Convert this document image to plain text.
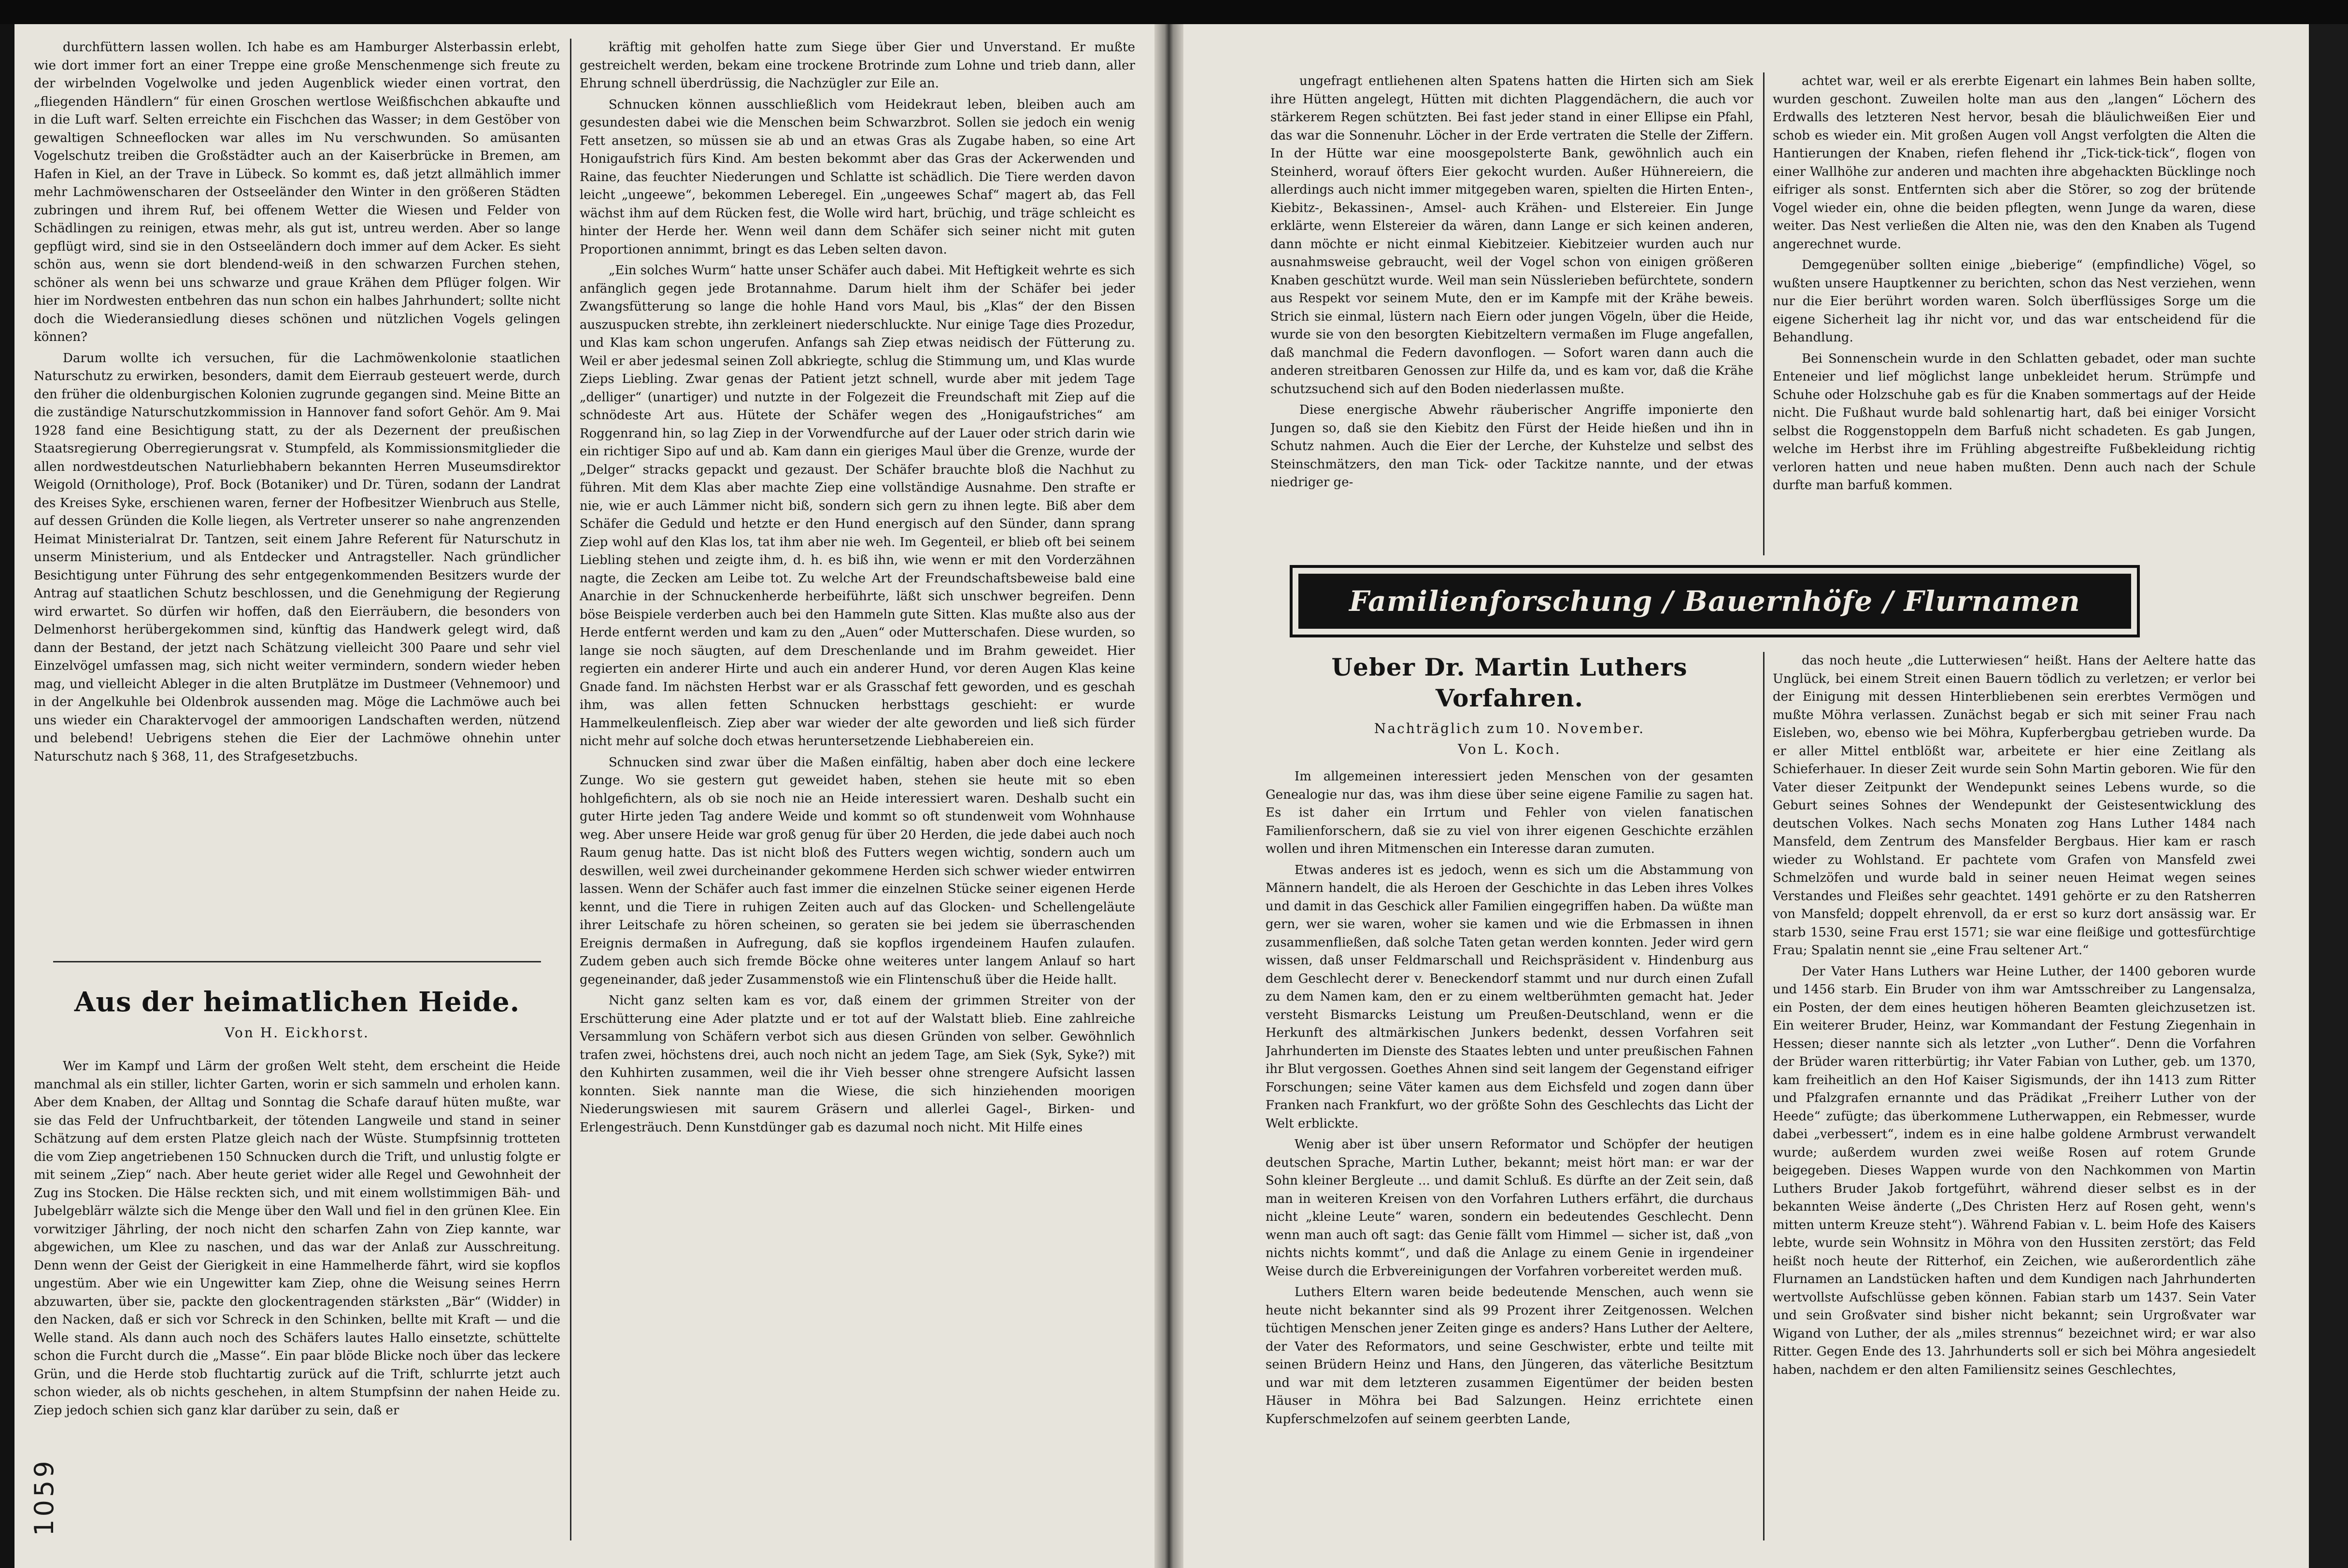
durchfüttern lassen wollen. Ich habe es am Hamburger Alsterbassin erlebt, wie dort immer fort an einer Treppe eine große Menschenmenge sich freute zu der wirbelnden Vogelwolke und jeden Augenblick wieder einen vortrat, den „fliegenden Händlern“ für einen Groschen wertlose Weißfischchen abkaufte und in die Luft warf. Selten erreichte ein Fischchen das Wasser; in dem Gestöber von gewaltigen Schneeflocken war alles im Nu verschwunden. So amüsanten Vogelschutz treiben die Großstädter auch an der Kaiserbrücke in Bremen, am Hafen in Kiel, an der Trave in Lübeck. So kommt es, daß jetzt allmählich immer mehr Lachmöwenscharen der Ostseeländer den Winter in den größeren Städten zubringen und ihrem Ruf, bei offenem Wetter die Wiesen und Felder von Schädlingen zu reinigen, etwas mehr, als gut ist, untreu werden. Aber so lange gepflügt wird, sind sie in den Ostseeländern doch immer auf dem Acker. Es sieht schön aus, wenn sie dort blendend-weiß in den schwarzen Furchen stehen, schöner als wenn bei uns schwarze und graue Krähen dem Pflüger folgen. Wir hier im Nordwesten entbehren das nun schon ein halbes Jahrhundert; sollte nicht doch die Wiederansiedlung dieses schönen und nützlichen Vogels gelingen können?

Darum wollte ich versuchen, für die Lachmöwenkolonie staatlichen Naturschutz zu erwirken, besonders, damit dem Eierraub gesteuert werde, durch den früher die oldenburgischen Kolonien zugrunde gegangen sind. Meine Bitte an die zuständige Naturschutzkommission in Hannover fand sofort Gehör. Am 9. Mai 1928 fand eine Besichtigung statt, zu der als Dezernent der preußischen Staatsregierung Oberregierungsrat v. Stumpfeld, als Kommissionsmitglieder die allen nordwestdeutschen Naturliebhabern bekannten Herren Museumsdirektor Weigold (Ornithologe), Prof. Bock (Botaniker) und Dr. Türen, sodann der Landrat des Kreises Syke, erschienen waren, ferner der Hofbesitzer Wienbruch aus Stelle, auf dessen Gründen die Kolle liegen, als Vertreter unserer so nahe angrenzenden Heimat Ministerialrat Dr. Tantzen, seit einem Jahre Referent für Naturschutz in unserm Ministerium, und als Entdecker und Antragsteller. Nach gründlicher Besichtigung unter Führung des sehr entgegenkommenden Besitzers wurde der Antrag auf staatlichen Schutz beschlossen, und die Genehmigung der Regierung wird erwartet. So dürfen wir hoffen, daß den Eierräubern, die besonders von Delmenhorst herübergekommen sind, künftig das Handwerk gelegt wird, daß dann der Bestand, der jetzt nach Schätzung vielleicht 300 Paare und sehr viel Einzelvögel umfassen mag, sich nicht weiter vermindern, sondern wieder heben mag, und vielleicht Ableger in die alten Brutplätze im Dustmeer (Vehnemoor) und in der Angelkuhle bei Oldenbrok aussenden mag. Möge die Lachmöwe auch bei uns wieder ein Charaktervogel der ammoorigen Landschaften werden, nützend und belebend! Uebrigens stehen die Eier der Lachmöwe ohnehin unter Naturschutz nach § 368, 11, des Strafgesetzbuchs.

Aus der heimatlichen Heide.

Von H. Eickhorst.

Wer im Kampf und Lärm der großen Welt steht, dem erscheint die Heide manchmal als ein stiller, lichter Garten, worin er sich sammeln und erholen kann. Aber dem Knaben, der Alltag und Sonntag die Schafe darauf hüten mußte, war sie das Feld der Unfruchtbarkeit, der tötenden Langweile und stand in seiner Schätzung auf dem ersten Platze gleich nach der Wüste. Stumpfsinnig trotteten die vom Ziep angetriebenen 150 Schnucken durch die Trift, und unlustig folgte er mit seinem „Ziep“ nach. Aber heute geriet wider alle Regel und Gewohnheit der Zug ins Stocken. Die Hälse reckten sich, und mit einem wollstimmigen Bäh- und Jubelgeblärr wälzte sich die Menge über den Wall und fiel in den grünen Klee. Ein vorwitziger Jährling, der noch nicht den scharfen Zahn von Ziep kannte, war abgewichen, um Klee zu naschen, und das war der Anlaß zur Ausschreitung. Denn wenn der Geist der Gierigkeit in eine Hammelherde fährt, wird sie kopflos ungestüm. Aber wie ein Ungewitter kam Ziep, ohne die Weisung seines Herrn abzuwarten, über sie, packte den glockentragenden stärksten „Bär“ (Widder) in den Nacken, daß er sich vor Schreck in den Schinken, bellte mit Kraft — und die Welle stand. Als dann auch noch des Schäfers lautes Hallo einsetzte, schüttelte schon die Furcht durch die „Masse“. Ein paar blöde Blicke noch über das leckere Grün, und die Herde stob fluchtartig zurück auf die Trift, schlurrte jetzt auch schon wieder, als ob nichts geschehen, in altem Stumpfsinn der nahen Heide zu. Ziep jedoch schien sich ganz klar darüber zu sein, daß er

kräftig mit geholfen hatte zum Siege über Gier und Unverstand. Er mußte gestreichelt werden, bekam eine trockene Brotrinde zum Lohne und trieb dann, aller Ehrung schnell überdrüssig, die Nachzügler zur Eile an.

Schnucken können ausschließlich vom Heidekraut leben, bleiben auch am gesundesten dabei wie die Menschen beim Schwarzbrot. Sollen sie jedoch ein wenig Fett ansetzen, so müssen sie ab und an etwas Gras als Zugabe haben, so eine Art Honigaufstrich fürs Kind. Am besten bekommt aber das Gras der Ackerwenden und Raine, das feuchter Niederungen und Schlatte ist schädlich. Die Tiere werden davon leicht „ungeewe“, bekommen Leberegel. Ein „ungeewes Schaf“ magert ab, das Fell wächst ihm auf dem Rücken fest, die Wolle wird hart, brüchig, und träge schleicht es hinter der Herde her. Wenn weil dann dem Schäfer sich seiner nicht mit guten Proportionen annimmt, bringt es das Leben selten davon.

„Ein solches Wurm“ hatte unser Schäfer auch dabei. Mit Heftigkeit wehrte es sich anfänglich gegen jede Brotannahme. Darum hielt ihm der Schäfer bei jeder Zwangsfütterung so lange die hohle Hand vors Maul, bis „Klas“ der den Bissen auszuspucken strebte, ihn zerkleinert niederschluckte. Nur einige Tage dies Prozedur, und Klas kam schon ungerufen. Anfangs sah Ziep etwas neidisch der Fütterung zu. Weil er aber jedesmal seinen Zoll abkriegte, schlug die Stimmung um, und Klas wurde Zieps Liebling. Zwar genas der Patient jetzt schnell, wurde aber mit jedem Tage „delliger“ (unartiger) und nutzte in der Folgezeit die Freundschaft mit Ziep auf die schnödeste Art aus. Hütete der Schäfer wegen des „Honigaufstriches“ am Roggenrand hin, so lag Ziep in der Vorwendfurche auf der Lauer oder strich darin wie ein richtiger Sipo auf und ab. Kam dann ein gieriges Maul über die Grenze, wurde der „Delger“ stracks gepackt und gezaust. Der Schäfer brauchte bloß die Nachhut zu führen. Mit dem Klas aber machte Ziep eine vollständige Ausnahme. Den strafte er nie, wie er auch Lämmer nicht biß, sondern sich gern zu ihnen legte. Biß aber dem Schäfer die Geduld und hetzte er den Hund energisch auf den Sünder, dann sprang Ziep wohl auf den Klas los, tat ihm aber nie weh. Im Gegenteil, er blieb oft bei seinem Liebling stehen und zeigte ihm, d. h. es biß ihn, wie wenn er mit den Vorderzähnen nagte, die Zecken am Leibe tot. Zu welche Art der Freundschaftsbeweise bald eine Anarchie in der Schnuckenherde herbeiführte, läßt sich unschwer begreifen. Denn böse Beispiele verderben auch bei den Hammeln gute Sitten. Klas mußte also aus der Herde entfernt werden und kam zu den „Auen“ oder Mutterschafen. Diese wurden, so lange sie noch säugten, auf dem Dreschenlande und im Brahm geweidet. Hier regierten ein anderer Hirte und auch ein anderer Hund, vor deren Augen Klas keine Gnade fand. Im nächsten Herbst war er als Grasschaf fett geworden, und es geschah ihm, was allen fetten Schnucken herbsttags geschieht: er wurde Hammelkeulenfleisch. Ziep aber war wieder der alte geworden und ließ sich fürder nicht mehr auf solche doch etwas heruntersetzende Liebhabereien ein.

Schnucken sind zwar über die Maßen einfältig, haben aber doch eine leckere Zunge. Wo sie gestern gut geweidet haben, stehen sie heute mit so eben hohlgefichtern, als ob sie noch nie an Heide interessiert waren. Deshalb sucht ein guter Hirte jeden Tag andere Weide und kommt so oft stundenweit vom Wohnhause weg. Aber unsere Heide war groß genug für über 20 Herden, die jede dabei auch noch Raum genug hatte. Das ist nicht bloß des Futters wegen wichtig, sondern auch um deswillen, weil zwei durcheinander gekommene Herden sich schwer wieder entwirren lassen. Wenn der Schäfer auch fast immer die einzelnen Stücke seiner eigenen Herde kennt, und die Tiere in ruhigen Zeiten auch auf das Glocken- und Schellengeläute ihrer Leitschafe zu hören scheinen, so geraten sie bei jedem sie überraschenden Ereignis dermaßen in Aufregung, daß sie kopflos irgendeinem Haufen zulaufen. Zudem geben auch sich fremde Böcke ohne weiteres unter langem Anlauf so hart gegeneinander, daß jeder Zusammenstoß wie ein Flintenschuß über die Heide hallt.

Nicht ganz selten kam es vor, daß einem der grimmen Streiter von der Erschütterung eine Ader platzte und er tot auf der Walstatt blieb. Eine zahlreiche Versammlung von Schäfern verbot sich aus diesen Gründen von selber. Gewöhnlich trafen zwei, höchstens drei, auch noch nicht an jedem Tage, am Siek (Syk, Syke?) mit den Kuhhirten zusammen, weil die ihr Vieh besser ohne strengere Aufsicht lassen konnten. Siek nannte man die Wiese, die sich hinziehenden moorigen Niederungswiesen mit saurem Gräsern und allerlei Gagel-, Birken- und Erlengesträuch. Denn Kunstdünger gab es dazumal noch nicht. Mit Hilfe eines

1059

ungefragt entliehenen alten Spatens hatten die Hirten sich am Siek ihre Hütten angelegt, Hütten mit dichten Plaggendächern, die auch vor stärkerem Regen schützten. Bei fast jeder stand in einer Ellipse ein Pfahl, das war die Sonnenuhr. Löcher in der Erde vertraten die Stelle der Ziffern. In der Hütte war eine moosgepolsterte Bank, gewöhnlich auch ein Steinherd, worauf öfters Eier gekocht wurden. Außer Hühnereiern, die allerdings auch nicht immer mitgegeben waren, spielten die Hirten Enten-, Kiebitz-, Bekassinen-, Amsel- auch Krähen- und Elstereier. Ein Junge erklärte, wenn Elstereier da wären, dann Lange er sich keinen anderen, dann möchte er nicht einmal Kiebitzeier. Kiebitzeier wurden auch nur ausnahmsweise gebraucht, weil der Vogel schon von einigen größeren Knaben geschützt wurde. Weil man sein Nüsslerieben befürchtete, sondern aus Respekt vor seinem Mute, den er im Kampfe mit der Krähe beweis. Strich sie einmal, lüstern nach Eiern oder jungen Vögeln, über die Heide, wurde sie von den besorgten Kiebitzeltern vermaßen im Fluge angefallen, daß manchmal die Federn davonflogen. — Sofort waren dann auch die anderen streitbaren Genossen zur Hilfe da, und es kam vor, daß die Krähe schutzsuchend sich auf den Boden niederlassen mußte.

Diese energische Abwehr räuberischer Angriffe imponierte den Jungen so, daß sie den Kiebitz den Fürst der Heide hießen und ihn in Schutz nahmen. Auch die Eier der Lerche, der Kuhstelze und selbst des Steinschmätzers, den man Tick- oder Tackitze nannte, und der etwas niedriger ge-

achtet war, weil er als ererbte Eigenart ein lahmes Bein haben sollte, wurden geschont. Zuweilen holte man aus den „langen“ Löchern des Erdwalls des letzteren Nest hervor, besah die bläulichweißen Eier und schob es wieder ein. Mit großen Augen voll Angst verfolgten die Alten die Hantierungen der Knaben, riefen flehend ihr „Tick-tick-tick“, flogen von einer Wallhöhe zur anderen und machten ihre abgehackten Bücklinge noch eifriger als sonst. Entfernten sich aber die Störer, so zog der brütende Vogel wieder ein, ohne die beiden pflegten, wenn Junge da waren, diese weiter. Das Nest verließen die Alten nie, was den den Knaben als Tugend angerechnet wurde.

Demgegenüber sollten einige „bieberige“ (empfindliche) Vögel, so wußten unsere Hauptkenner zu berichten, schon das Nest verziehen, wenn nur die Eier berührt worden waren. Solch überflüssiges Sorge um die eigene Sicherheit lag ihr nicht vor, und das war entscheidend für die Behandlung.

Bei Sonnenschein wurde in den Schlatten gebadet, oder man suchte Enteneier und lief möglichst lange unbekleidet herum. Strümpfe und Schuhe oder Holzschuhe gab es für die Knaben sommertags auf der Heide nicht. Die Fußhaut wurde bald sohlenartig hart, daß bei einiger Vorsicht selbst die Roggenstoppeln dem Barfuß nicht schadeten. Es gab Jungen, welche im Herbst ihre im Frühling abgestreifte Fußbekleidung richtig verloren hatten und neue haben mußten. Denn auch nach der Schule durfte man barfuß kommen.

Familienforschung / Bauernhöfe / Flurnamen
Ueber Dr. Martin Luthers Vorfahren.

Nachträglich zum 10. November.

Von L. Koch.

Im allgemeinen interessiert jeden Menschen von der gesamten Genealogie nur das, was ihm diese über seine eigene Familie zu sagen hat. Es ist daher ein Irrtum und Fehler von vielen fanatischen Familienforschern, daß sie zu viel von ihrer eigenen Geschichte erzählen wollen und ihren Mitmenschen ein Interesse daran zumuten.

Etwas anderes ist es jedoch, wenn es sich um die Abstammung von Männern handelt, die als Heroen der Geschichte in das Leben ihres Volkes und damit in das Geschick aller Familien eingegriffen haben. Da wüßte man gern, wer sie waren, woher sie kamen und wie die Erbmassen in ihnen zusammenfließen, daß solche Taten getan werden konnten. Jeder wird gern wissen, daß unser Feldmarschall und Reichspräsident v. Hindenburg aus dem Geschlecht derer v. Beneckendorf stammt und nur durch einen Zufall zu dem Namen kam, den er zu einem weltberühmten gemacht hat. Jeder versteht Bismarcks Leistung um Preußen-Deutschland, wenn er die Herkunft des altmärkischen Junkers bedenkt, dessen Vorfahren seit Jahrhunderten im Dienste des Staates lebten und unter preußischen Fahnen ihr Blut vergossen. Goethes Ahnen sind seit langem der Gegenstand eifriger Forschungen; seine Väter kamen aus dem Eichsfeld und zogen dann über Franken nach Frankfurt, wo der größte Sohn des Geschlechts das Licht der Welt erblickte.

Wenig aber ist über unsern Reformator und Schöpfer der heutigen deutschen Sprache, Martin Luther, bekannt; meist hört man: er war der Sohn kleiner Bergleute ... und damit Schluß. Es dürfte an der Zeit sein, daß man in weiteren Kreisen von den Vorfahren Luthers erfährt, die durchaus nicht „kleine Leute“ waren, sondern ein bedeutendes Geschlecht. Denn wenn man auch oft sagt: das Genie fällt vom Himmel — sicher ist, daß „von nichts nichts kommt“, und daß die Anlage zu einem Genie in irgendeiner Weise durch die Erbvereinigungen der Vorfahren vorbereitet werden muß.

Luthers Eltern waren beide bedeutende Menschen, auch wenn sie heute nicht bekannter sind als 99 Prozent ihrer Zeitgenossen. Welchen tüchtigen Menschen jener Zeiten ginge es anders? Hans Luther der Aeltere, der Vater des Reformators, und seine Geschwister, erbte und teilte mit seinen Brüdern Heinz und Hans, den Jüngeren, das väterliche Besitztum und war mit dem letzteren zusammen Eigentümer der beiden besten Häuser in Möhra bei Bad Salzungen. Heinz errichtete einen Kupferschmelzofen auf seinem geerbten Lande,

das noch heute „die Lutterwiesen“ heißt. Hans der Aeltere hatte das Unglück, bei einem Streit einen Bauern tödlich zu verletzen; er verlor bei der Einigung mit dessen Hinterbliebenen sein ererbtes Vermögen und mußte Möhra verlassen. Zunächst begab er sich mit seiner Frau nach Eisleben, wo, ebenso wie bei Möhra, Kupferbergbau getrieben wurde. Da er aller Mittel entblößt war, arbeitete er hier eine Zeitlang als Schieferhauer. In dieser Zeit wurde sein Sohn Martin geboren. Wie für den Vater dieser Zeitpunkt der Wendepunkt seines Lebens wurde, so die Geburt seines Sohnes der Wendepunkt der Geistesentwicklung des deutschen Volkes. Nach sechs Monaten zog Hans Luther 1484 nach Mansfeld, dem Zentrum des Mansfelder Bergbaus. Hier kam er rasch wieder zu Wohlstand. Er pachtete vom Grafen von Mansfeld zwei Schmelzöfen und wurde bald in seiner neuen Heimat wegen seines Verstandes und Fleißes sehr geachtet. 1491 gehörte er zu den Ratsherren von Mansfeld; doppelt ehrenvoll, da er erst so kurz dort ansässig war. Er starb 1530, seine Frau erst 1571; sie war eine fleißige und gottesfürchtige Frau; Spalatin nennt sie „eine Frau seltener Art.“

Der Vater Hans Luthers war Heine Luther, der 1400 geboren wurde und 1456 starb. Ein Bruder von ihm war Amtsschreiber zu Langensalza, ein Posten, der dem eines heutigen höheren Beamten gleichzusetzen ist. Ein weiterer Bruder, Heinz, war Kommandant der Festung Ziegenhain in Hessen; dieser nannte sich als letzter „von Luther“. Denn die Vorfahren der Brüder waren ritterbürtig; ihr Vater Fabian von Luther, geb. um 1370, kam freiheitlich an den Hof Kaiser Sigismunds, der ihn 1413 zum Ritter und Pfalzgrafen ernannte und das Prädikat „Freiherr Luther von der Heede“ zufügte; das überkommene Lutherwappen, ein Rebmesser, wurde dabei „verbessert“, indem es in eine halbe goldene Armbrust verwandelt wurde; außerdem wurden zwei weiße Rosen auf rotem Grunde beigegeben. Dieses Wappen wurde von den Nachkommen von Martin Luthers Bruder Jakob fortgeführt, während dieser selbst es in der bekannten Weise änderte („Des Christen Herz auf Rosen geht, wenn's mitten unterm Kreuze steht“). Während Fabian v. L. beim Hofe des Kaisers lebte, wurde sein Wohnsitz in Möhra von den Hussiten zerstört; das Feld heißt noch heute der Ritterhof, ein Zeichen, wie außerordentlich zähe Flurnamen an Landstücken haften und dem Kundigen nach Jahrhunderten wertvollste Aufschlüsse geben können. Fabian starb um 1437. Sein Vater und sein Großvater sind bisher nicht bekannt; sein Urgroßvater war Wigand von Luther, der als „miles strennus“ bezeichnet wird; er war also Ritter. Gegen Ende des 13. Jahrhunderts soll er sich bei Möhra angesiedelt haben, nachdem er den alten Familiensitz seines Geschlechtes,
